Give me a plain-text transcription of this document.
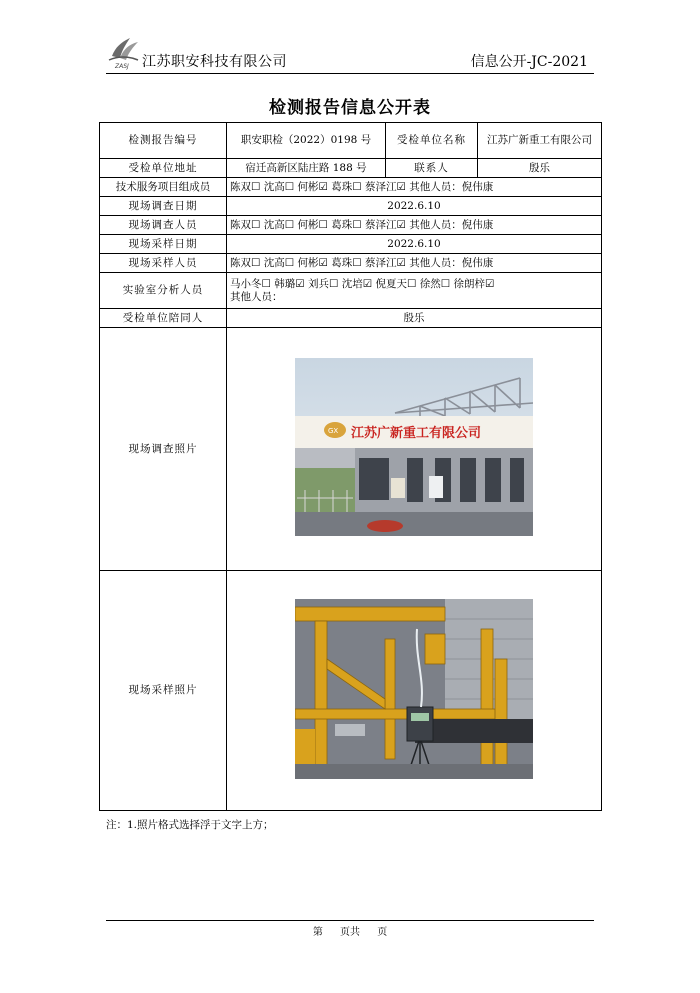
ZASJ 江苏职安科技有限公司	信息公开-JC-2021
检测报告信息公开表
检测报告编号	职安职检（2022）0198 号	受检单位名称	江苏广新重工有限公司
受检单位地址	宿迁高新区陆庄路 188 号	联系人	殷乐
技术服务项目组成员	陈双☐ 沈高☐ 何彬☑ 葛珠☐ 蔡泽江☑ 其他人员：倪伟康		
现场调查日期	2022.6.10		
现场调查人员	陈双☐ 沈高☐ 何彬☐ 葛珠☐ 蔡泽江☑ 其他人员：倪伟康		
现场采样日期	2022.6.10		
现场采样人员	陈双☐ 沈高☐ 何彬☑ 葛珠☐ 蔡泽江☑ 其他人员：倪伟康		
实验室分析人员	马小冬☐ 韩璐☑ 刘兵☐ 沈培☑ 倪夏天☐ 徐然☐ 徐朗梓☑
其他人员：		

受检单位陪同人	殷乐		
现场调查照片	GX 江苏广新重工有限公司		

现场采样照片	
注：1.照片格式选择浮于文字上方；
第 页共 页
